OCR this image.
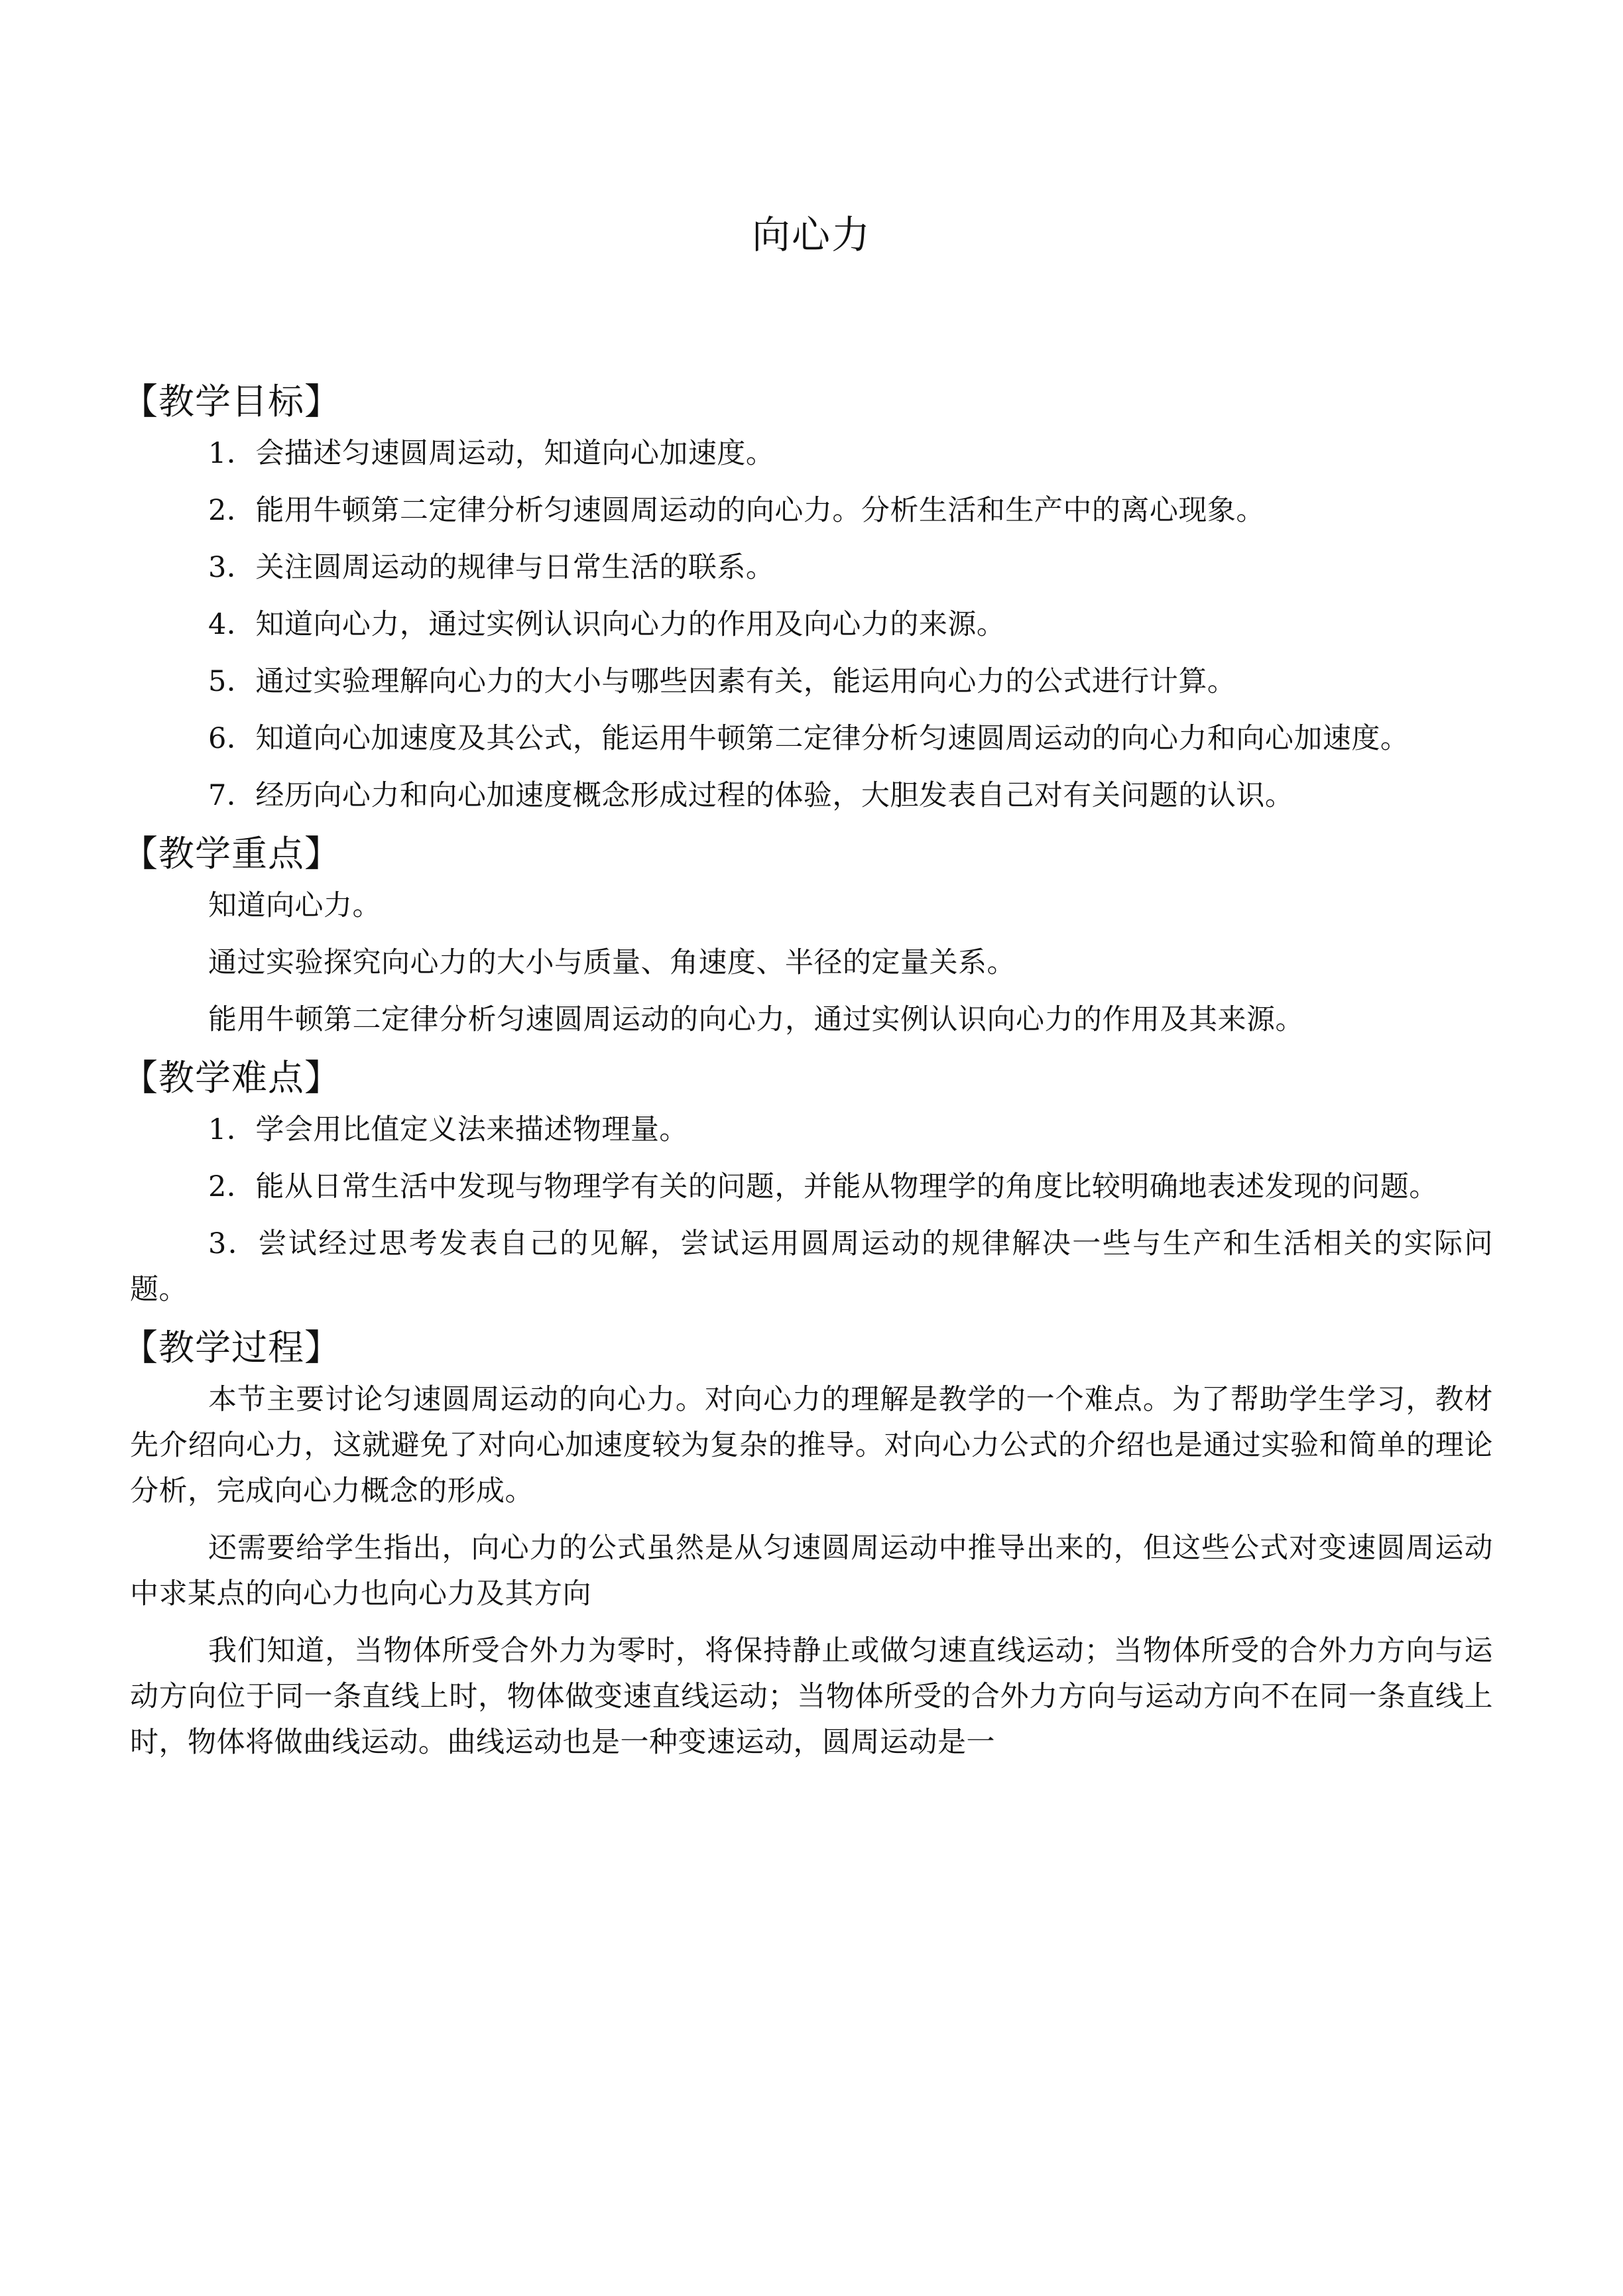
向心力
【教学目标】

1．会描述匀速圆周运动，知道向心加速度。

2．能用牛顿第二定律分析匀速圆周运动的向心力。分析生活和生产中的离心现象。

3．关注圆周运动的规律与日常生活的联系。

4．知道向心力，通过实例认识向心力的作用及向心力的来源。

5．通过实验理解向心力的大小与哪些因素有关，能运用向心力的公式进行计算。

6．知道向心加速度及其公式，能运用牛顿第二定律分析匀速圆周运动的向心力和向心加速度。

7．经历向心力和向心加速度概念形成过程的体验，大胆发表自己对有关问题的认识。

【教学重点】

知道向心力。

通过实验探究向心力的大小与质量、角速度、半径的定量关系。

能用牛顿第二定律分析匀速圆周运动的向心力，通过实例认识向心力的作用及其来源。

【教学难点】

1．学会用比值定义法来描述物理量。

2．能从日常生活中发现与物理学有关的问题，并能从物理学的角度比较明确地表述发现的问题。

3．尝试经过思考发表自己的见解，尝试运用圆周运动的规律解决一些与生产和生活相关的实际问题。

【教学过程】

本节主要讨论匀速圆周运动的向心力。对向心力的理解是教学的一个难点。为了帮助学生学习，教材先介绍向心力，这就避免了对向心加速度较为复杂的推导。对向心力公式的介绍也是通过实验和简单的理论分析，完成向心力概念的形成。

还需要给学生指出，向心力的公式虽然是从匀速圆周运动中推导出来的，但这些公式对变速圆周运动中求某点的向心力也向心力及其方向

我们知道，当物体所受合外力为零时，将保持静止或做匀速直线运动；当物体所受的合外力方向与运动方向位于同一条直线上时，物体做变速直线运动；当物体所受的合外力方向与运动方向不在同一条直线上时，物体将做曲线运动。曲线运动也是一种变速运动，圆周运动是一
